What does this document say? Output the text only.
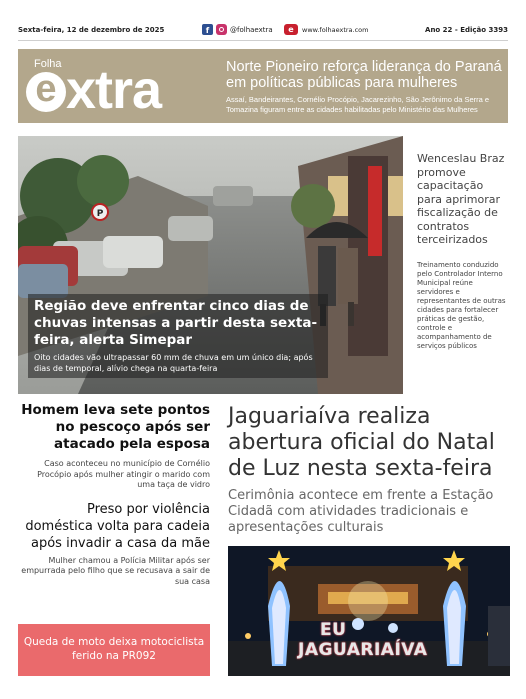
Sexta-feira, 12 de dezembro de 2025	f	@folhaextra	e	www.folhaextra.com	Ano 22 - Edição 3393
Folha
e xtra	Norte Pioneiro reforça liderança do Paraná em políticas públicas para mulheres
Assaí, Bandeirantes, Cornélio Procópio, Jacarezinho, São Jerônimo da Serra e Tomazina figuram entre as cidades habilitadas pelo Ministério das Mulheres
P
Região deve enfrentar cinco dias de chuvas intensas a partir desta sexta-feira, alerta Simepar
Oito cidades vão ultrapassar 60 mm de chuva em um único dia; após dias de temporal, alívio chega na quarta-feira
Wenceslau Braz promove capacitação para aprimorar fiscalização de contratos terceirizados
Treinamento conduzido pelo Controlador Interno Municipal reúne servidores e representantes de outras cidades para fortalecer práticas de gestão, controle e acompanhamento de serviços públicos
Homem leva sete pontos no pescoço após ser atacado pela esposa
Caso aconteceu no município de Cornélio Procópio após mulher atingir o marido com uma taça de vidro
Preso por violência doméstica volta para cadeia após invadir a casa da mãe
Mulher chamou a Polícia Militar após ser empurrada pelo filho que se recusava a sair de sua casa
Queda de moto deixa motociclista ferido na PR092
Jaguariaíva realiza abertura oficial do Natal de Luz nesta sexta-feira
Cerimônia acontece em frente a Estação Cidadã com atividades tradicionais e apresentações culturais
EU
JAGUARIAÍVA
